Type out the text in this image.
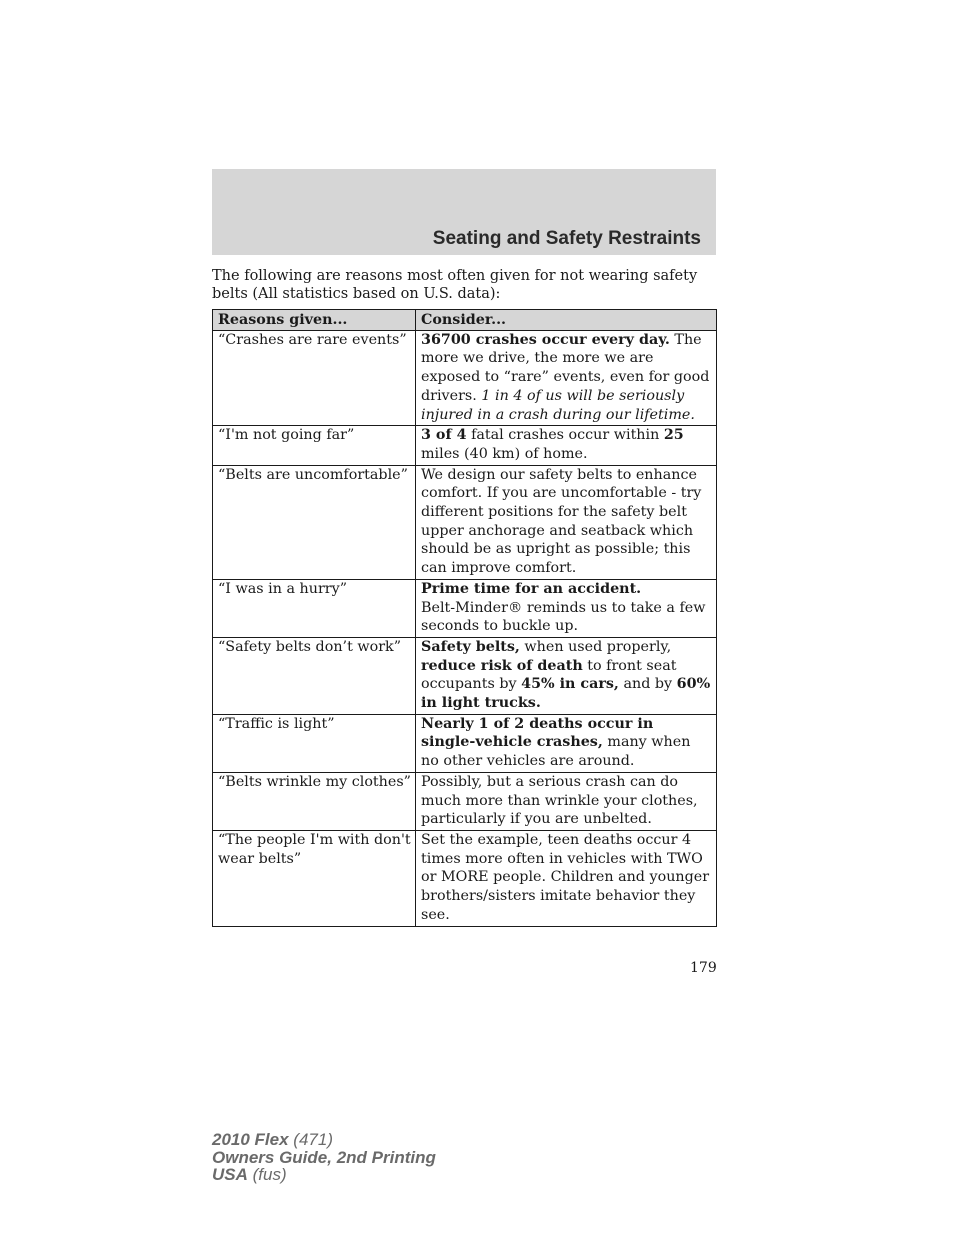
Seating and Safety Restraints

The following are reasons most often given for not wearing safety belts (All statistics based on U.S. data):

Reasons given...	Consider...
“Crashes are rare events”	36700 crashes occur every day. The more we drive, the more we are exposed to “rare” events, even for good drivers. 1 in 4 of us will be seriously injured in a crash during our lifetime.
“I'm not going far”	3 of 4 fatal crashes occur within 25 miles (40 km) of home.
“Belts are uncomfortable”	We design our safety belts to enhance comfort. If you are uncomfortable - try different positions for the safety belt upper anchorage and seatback which should be as upright as possible; this can improve comfort.
“I was in a hurry”	Prime time for an accident.
Belt-Minder® reminds us to take a few seconds to buckle up.
“Safety belts don’t work”	Safety belts, when used properly, reduce risk of death to front seat occupants by 45% in cars, and by 60% in light trucks.
“Traffic is light”	Nearly 1 of 2 deaths occur in single-vehicle crashes, many when no other vehicles are around.
“Belts wrinkle my clothes”	Possibly, but a serious crash can do much more than wrinkle your clothes, particularly if you are unbelted.
“The people I'm with don't wear belts”	Set the example, teen deaths occur 4 times more often in vehicles with TWO or MORE people. Children and younger brothers/sisters imitate behavior they see.
179
2010 Flex (471)
Owners Guide, 2nd Printing
USA (fus)
